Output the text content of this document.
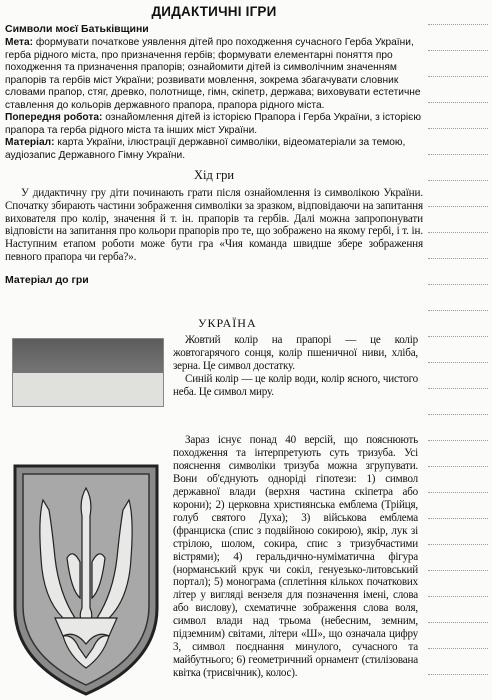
ДИДАКТИЧНІ ІГРИ
Символи моєї Батьківщини

Мета: формувати початкове уявлення дітей про походження сучасного Герба України, герба рідного міста, про призначення гербів; формувати елементарні поняття про походження та призначення прапорів; ознайомити дітей із символічним значенням прапорів та гербів міст України; розвивати мовлення, зокрема збагачувати словник словами прапор, стяг, древко, полотнище, гімн, скіпетр, держава; виховувати естетичне ставлення до кольорів державного прапора, прапора рідного міста.

Попередня робота: ознайомлення дітей із історією Прапора і Герба України, з історією прапора та герба рідного міста та інших міст України.

Матеріал: карта України, ілюстрації державної символіки, відеоматеріали за темою, аудіозапис Державного Гімну України.

Хід гри

У дидактичну гру діти починають грати після ознайомлення із символікою України. Спочатку збирають частини зображення символіки за зразком, відповідаючи на запитання вихователя про колір, значення й т. ін. прапорів та гербів. Далі можна запропонувати відповісти на запитання про кольори прапорів про те, що зображено на якому гербі, і т. ін. Наступним етапом роботи може бути гра «Чия команда швидше збере зображення певного прапора чи герба?».

Матеріал до гри
УКРАЇНА

Жовтий колір на прапорі — це колір жовтогарячого сонця, колір пшеничної ниви, хліба, зерна. Це символ достатку.

Синій колір — це колір води, колір ясного, чистого неба. Це символ миру.

Зараз існує понад 40 версій, що пояснюють походження та інтерпретують суть тризуба. Усі пояснення символіки тризуба можна згрупувати. Вони об'єднують одноріді гіпотези: 1) символ державної влади (верхня частина скіпетра або корони); 2) церковна християнська емблема (Трійця, голуб святого Духа); 3) військова емблема (франциска (спис з подвійною сокирою), якір, лук зі стрілою, шолом, сокира, спис з тризубчастими вістрями); 4) геральдично-нуміматична фігура (норманський крук чи сокіл, генуезько-литовський портал); 5) монограма (сплетіння кількох початкових літер у вигляді вензеля для позначення імені, слова або вислову), схематичне зображення слова воля, символ влади над трьома (небесним, земним, підземним) світами, літери «Ш», що означала цифру 3, символ поєднання минулого, сучасного та майбутнього; 6) геометричний орнамент (стилізована квітка (трисвічник), колос).
